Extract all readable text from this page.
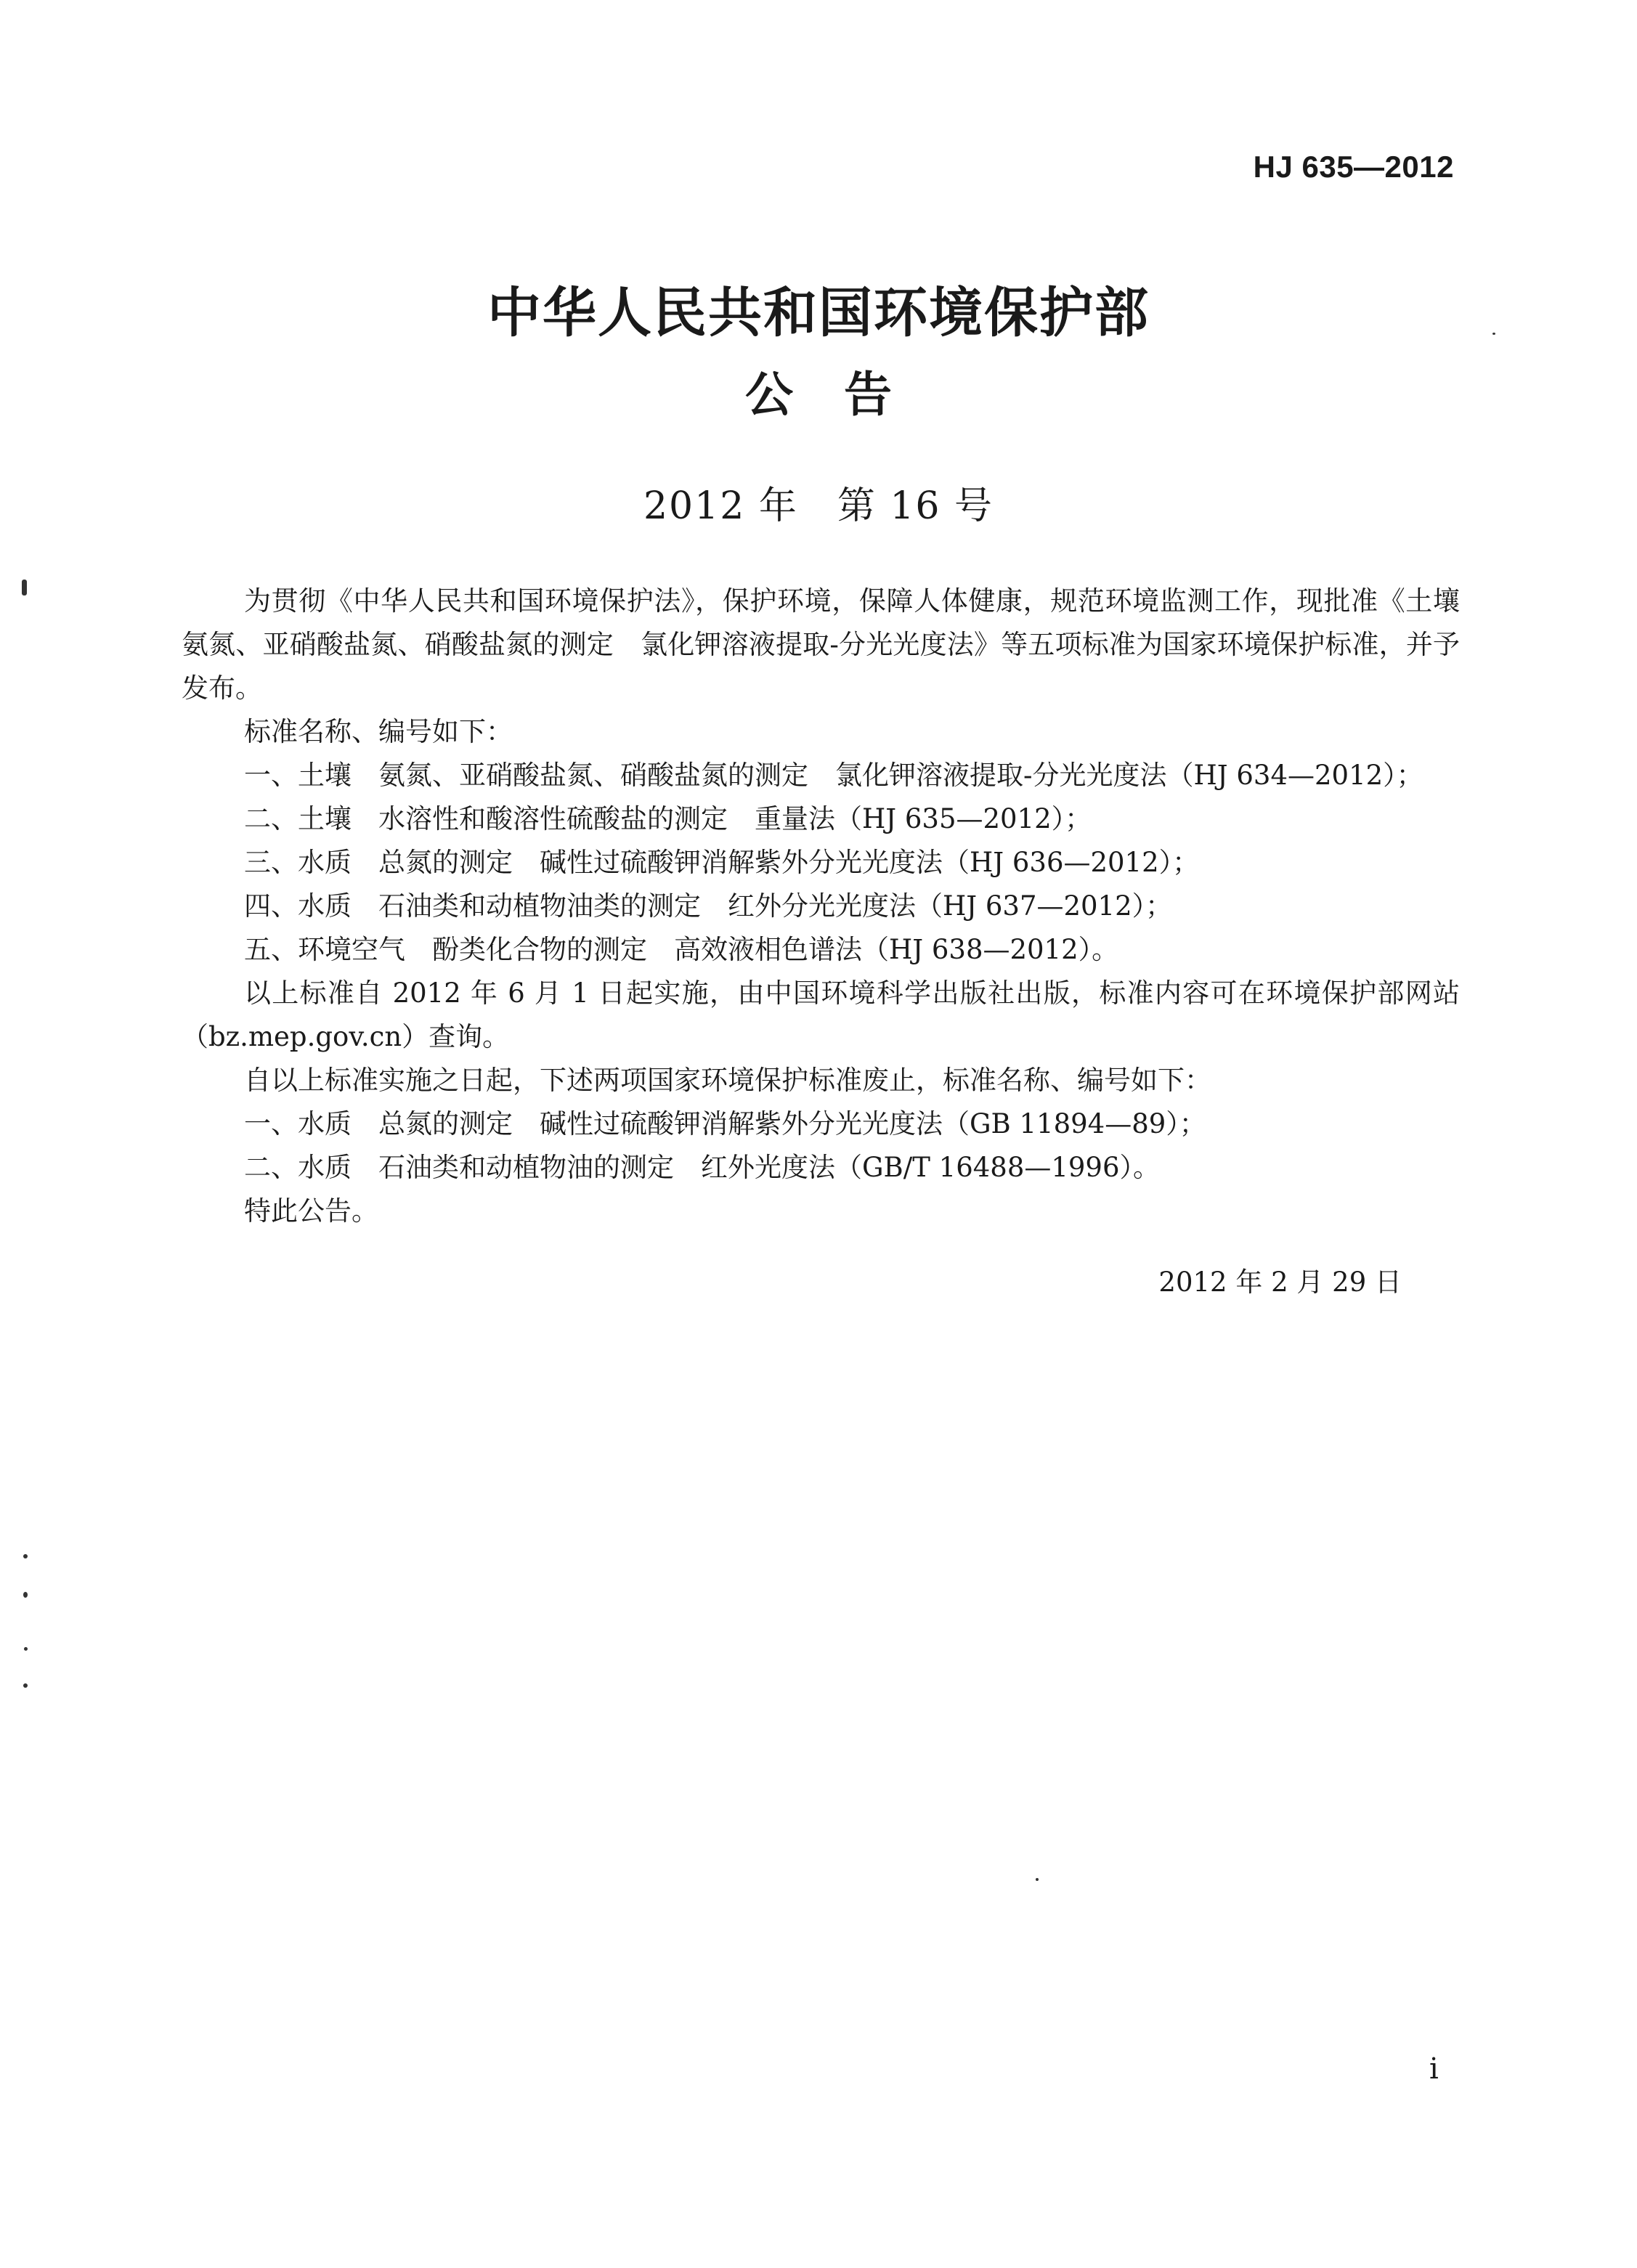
HJ 635—2012
中华人民共和国环境保护部
公告
2012 年　第 16 号

为贯彻《中华人民共和国环境保护法》，保护环境，保障人体健康，规范环境监测工作，现批准《土壤　氨氮、亚硝酸盐氮、硝酸盐氮的测定　氯化钾溶液提取-分光光度法》等五项标准为国家环境保护标准，并予发布。

标准名称、编号如下：

一、土壤　氨氮、亚硝酸盐氮、硝酸盐氮的测定　氯化钾溶液提取-分光光度法（HJ 634—2012）；

二、土壤　水溶性和酸溶性硫酸盐的测定　重量法（HJ 635—2012）；

三、水质　总氮的测定　碱性过硫酸钾消解紫外分光光度法（HJ 636—2012）；

四、水质　石油类和动植物油类的测定　红外分光光度法（HJ 637—2012）；

五、环境空气　酚类化合物的测定　高效液相色谱法（HJ 638—2012）。

以上标准自 2012 年 6 月 1 日起实施，由中国环境科学出版社出版，标准内容可在环境保护部网站（bz.mep.gov.cn）查询。

自以上标准实施之日起，下述两项国家环境保护标准废止，标准名称、编号如下：

一、水质　总氮的测定　碱性过硫酸钾消解紫外分光光度法（GB 11894—89）；

二、水质　石油类和动植物油的测定　红外光度法（GB/T 16488—1996）。

特此公告。

2012 年 2 月 29 日
i
